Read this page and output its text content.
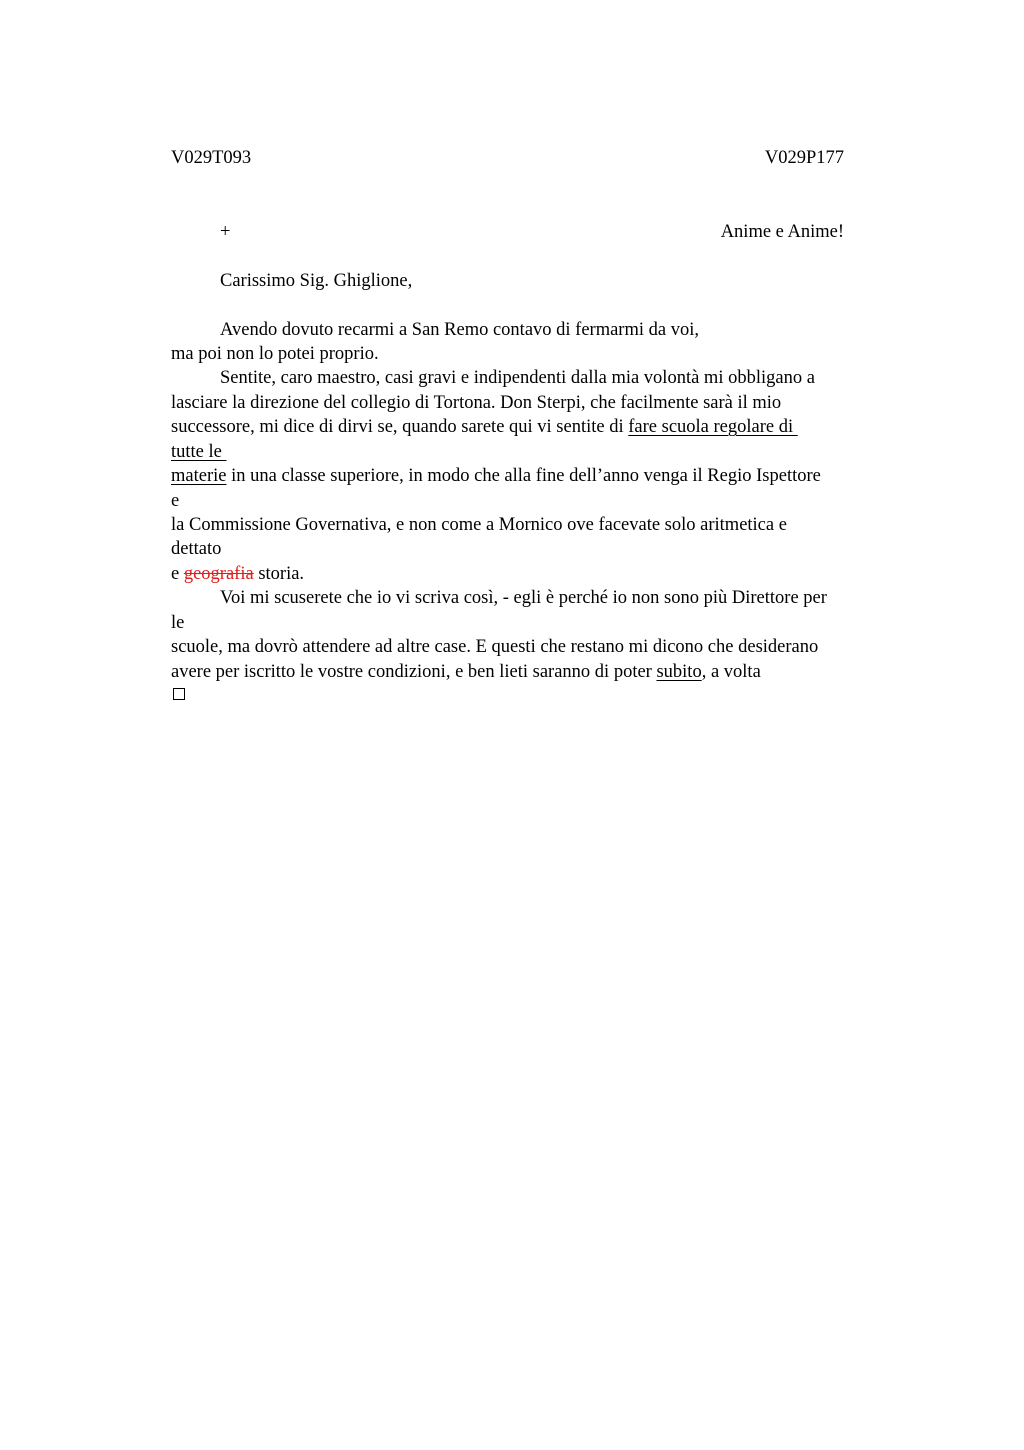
V029T093	V029P177
+	Anime e Anime!
Carissimo Sig. Ghiglione,
Avendo dovuto recarmi a San Remo contavo di fermarmi da voi,
ma poi non lo potei proprio.
Sentite, caro maestro, casi gravi e indipendenti dalla mia volontà mi obbligano a
lasciare la direzione del collegio di Tortona. Don Sterpi, che facilmente sarà il mio
successore, mi dice di dirvi se, quando sarete qui vi sentite di fare scuola regolare di
tutte le
materie in una classe superiore, in modo che alla fine dell’anno venga il Regio Ispettore
e
la Commissione Governativa, e non come a Mornico ove facevate solo aritmetica e
dettato
e geografia storia.
Voi mi scuserete che io vi scriva così, - egli è perché io non sono più Direttore per
le
scuole, ma dovrò attendere ad altre case. E questi che restano mi dicono che desiderano
avere per iscritto le vostre condizioni, e ben lieti saranno di poter subito, a volta
